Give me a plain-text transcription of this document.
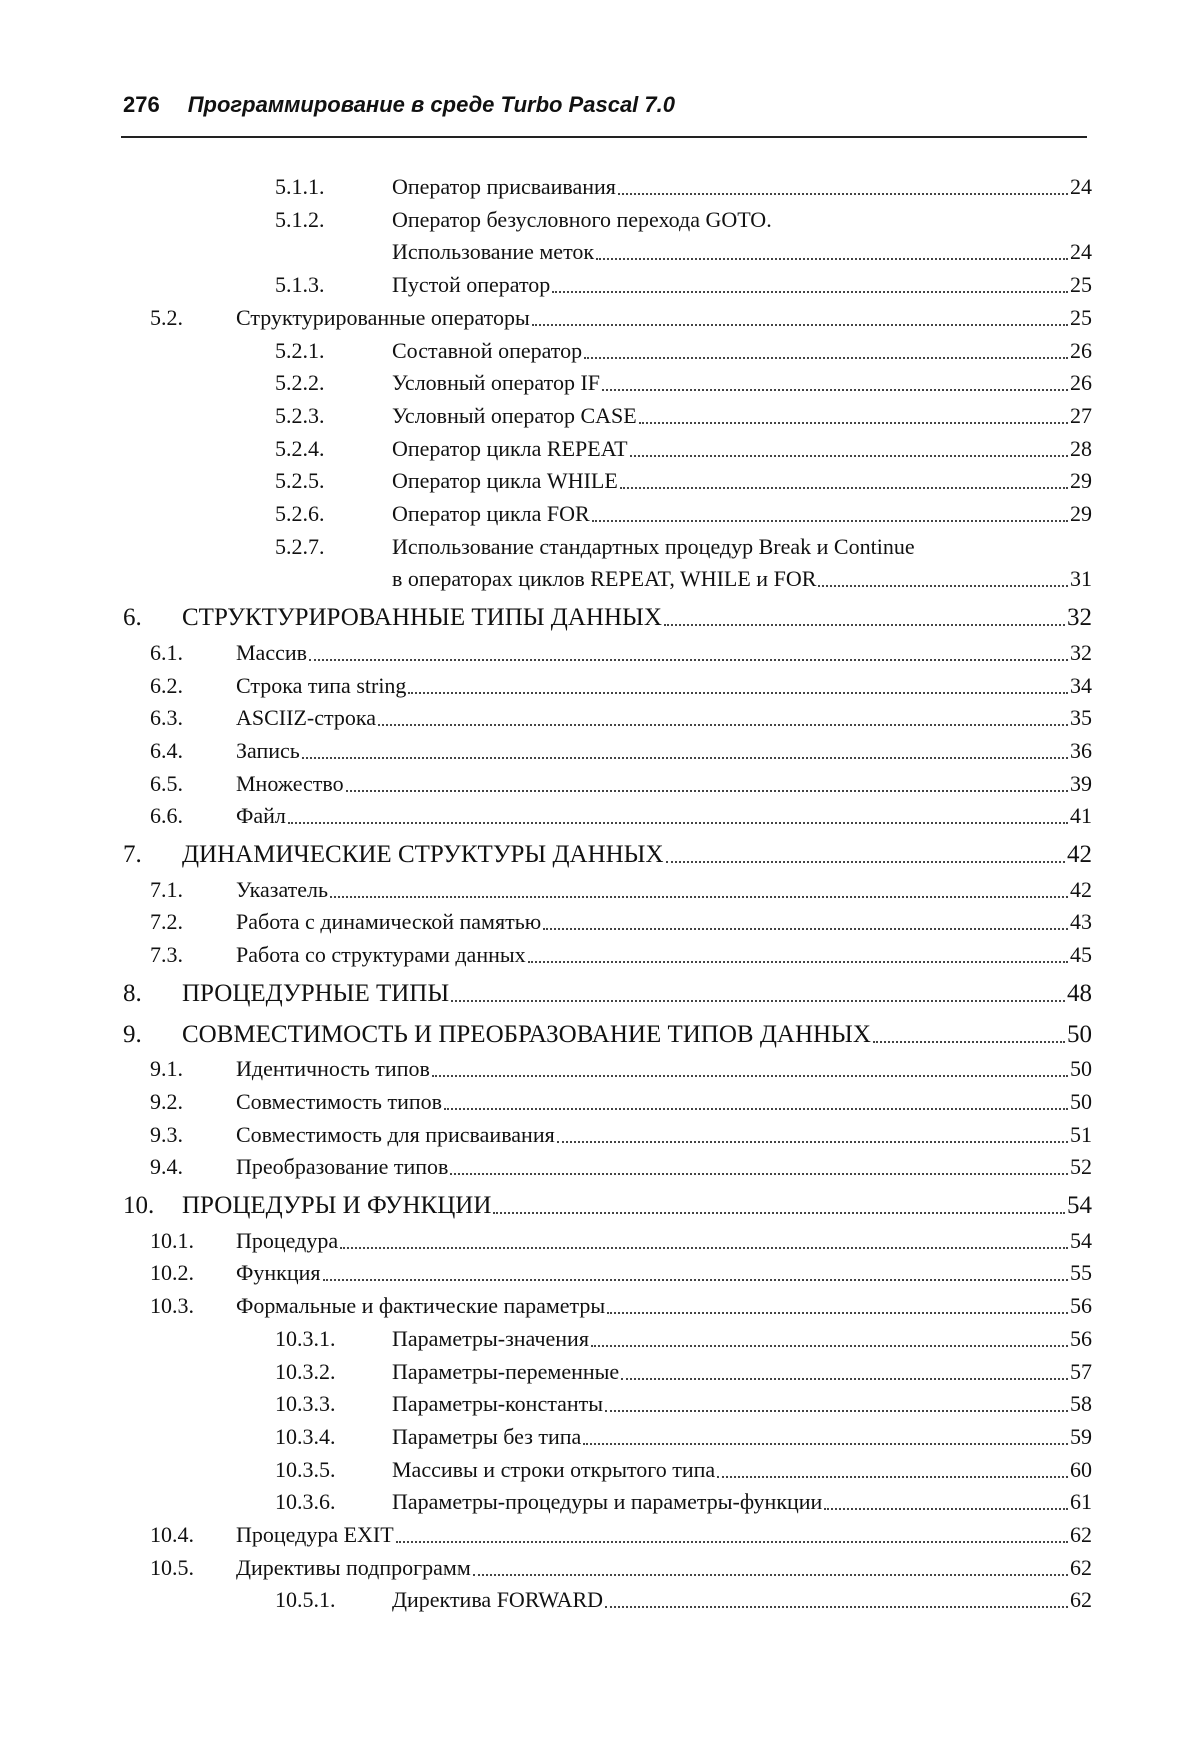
276 Программирование в среде Turbo Pascal 7.0
5.1.1.	Оператор присваивания	24
5.1.2.	Оператор безусловного перехода GOTO.
Использование меток	24
5.1.3.	Пустой оператор	25
5.2.	Структурированные операторы	25
5.2.1.	Составной оператор	26
5.2.2.	Условный оператор IF	26
5.2.3.	Условный оператор CASE	27
5.2.4.	Оператор цикла REPEAT	28
5.2.5.	Оператор цикла WHILE	29
5.2.6.	Оператор цикла FOR	29
5.2.7.	Использование стандартных процедур Break и Continue
в операторах циклов REPEAT, WHILE и FOR	31
6.	СТРУКТУРИРОВАННЫЕ ТИПЫ ДАННЫХ	32
6.1.	Массив	32
6.2.	Строка типа string	34
6.3.	ASCIIZ-строка	35
6.4.	Запись	36
6.5.	Множество	39
6.6.	Файл	41
7.	ДИНАМИЧЕСКИЕ СТРУКТУРЫ ДАННЫХ	42
7.1.	Указатель	42
7.2.	Работа с динамической памятью	43
7.3.	Работа со структурами данных	45
8.	ПРОЦЕДУРНЫЕ ТИПЫ	48
9.	СОВМЕСТИМОСТЬ И ПРЕОБРАЗОВАНИЕ ТИПОВ ДАННЫХ	50
9.1.	Идентичность типов	50
9.2.	Совместимость типов	50
9.3.	Совместимость для присваивания	51
9.4.	Преобразование типов	52
10.	ПРОЦЕДУРЫ И ФУНКЦИИ	54
10.1.	Процедура	54
10.2.	Функция	55
10.3.	Формальные и фактические параметры	56
10.3.1.	Параметры-значения	56
10.3.2.	Параметры-переменные	57
10.3.3.	Параметры-константы	58
10.3.4.	Параметры без типа	59
10.3.5.	Массивы и строки открытого типа	60
10.3.6.	Параметры-процедуры и параметры-функции	61
10.4.	Процедура EXIT	62
10.5.	Директивы подпрограмм	62
10.5.1.	Директива FORWARD	62
